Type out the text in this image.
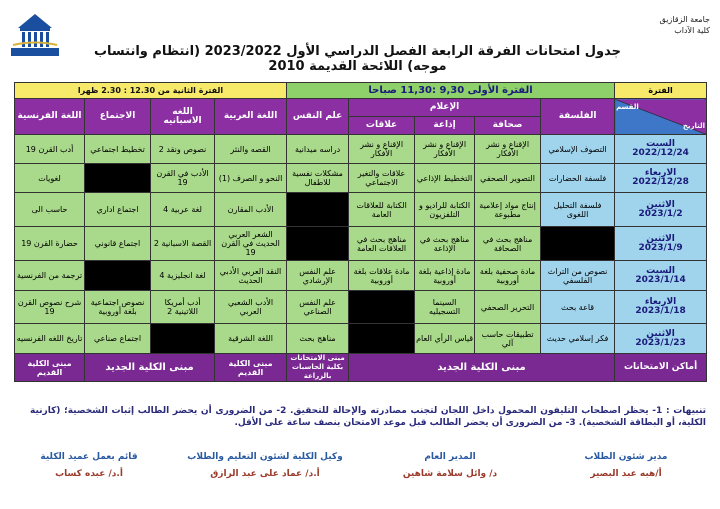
جامعة الزقازيق
كلية الآداب
جدول امتحانات الفرقة الرابعة الفصل الدراسي الأول 2023/2022 (انتظام وانتساب موجه) اللائحة القديمة 2010
الفترة	الفترة الأولى 9,30 :11,30 صباحا					الفترة الثانية من 12.30 : 2.30 ظهرا			

القسم
التاريخ	الفلسفة	الإعلام			علم النفس	اللغة العربية	اللغه الاسبانيه	الاجتماع	اللغة الفرنسية
		صحافة	إذاعة	علاقات					

السبت
2022/12/24	التصوف الإسلامي	الإقناع و نشر الأفكار	الإقناع و نشر الأفكار	الإقناع و نشر الأفكار	دراسه ميدانية	القصه والنثر	نصوص ونقد 2	تخطيط اجتماعي	أدب القرن 19

الاربعاء
2022/12/28	فلسفة الحضارات	التصوير الصحفي	التخطيط الإذاعي	علاقات والتغير الاجتماعي	مشكلات نفسية للاطفال	النحو و الصرف (1)	الأدب في القرن 19		لغويات

الاثنين
2023/1/2	فلسفة التحليل اللغوى	إنتاج مواد إعلامية مطبوعة	الكتابة للراديو و التلفزيون	الكتابة للعلاقات العامة		الأدب المقارن	لغة عربية 4	اجتماع اداري	حاسب الى

الاثنين
2023/1/9		مناهج بحث في الصحافة	مناهج بحث في الإذاعة	مناهج بحث في العلاقات العامة		الشعر العربي الحديث في القرن 19	القصة الاسبانية 2	اجتماع قانوني	حضارة القرن 19

السبت
2023/1/14	نصوص من التراث الفلسفي	مادة صحفية بلغة أوروبية	مادة إذاعية بلغة أوروبية	مادة علاقات بلغة أوروبية	علم النفس الإرشادي	النقد العربي الأدبي الحديث	لغة انجليزية 4		ترجمة من الفرنسية

الاربعاء
2023/1/18	قاعة بحث	التحرير الصحفي	السينما التسجيليه		علم النفس الصناعي	الأدب الشعبي العربي	أدب أمريكا اللاتينية 2	نصوص اجتماعية بلغة أوروبية	شرح نصوص القرن 19

الاثنين
2023/1/23	فكر إسلامي حديث	تطبيقات حاسب آلي	قياس الرأي العام		مناهج بحث	اللغة الشرقية		اجتماع صناعي	تاريخ اللغه الفرنسيه
أماكن الامتحانات	مبنى الكلية الجديد				مبنى الامتحانات بكلية الحاسبات بالزراعة	مبنى الكلية القديم	مبنى الكلية الجديد		مبنى الكلية القديم
تنبيهات : 1- يحظر اصطحاب التليفون المحمول داخل اللجان لتجنب مصادرته والإحالة للتحقيق. 2- من الضرورى أن يحضر الطالب إثبات الشخصية؛ (كارنية الكلية، أو البطاقة الشخصية). 3- من الضرورى أن يحضر الطالب قبل موعد الامتحان بنصف ساعة على الأقل.
مدير شئون الطلاب
أ/هبه عبد البصير
المدير العام
د/ وائل سلامة شاهين
وكيل الكلية لشئون التعليم والطلاب
أ.د/ عماد على عبد الرازق
قائم بعمل عميد الكلية
أ.د/ عبده كساب
